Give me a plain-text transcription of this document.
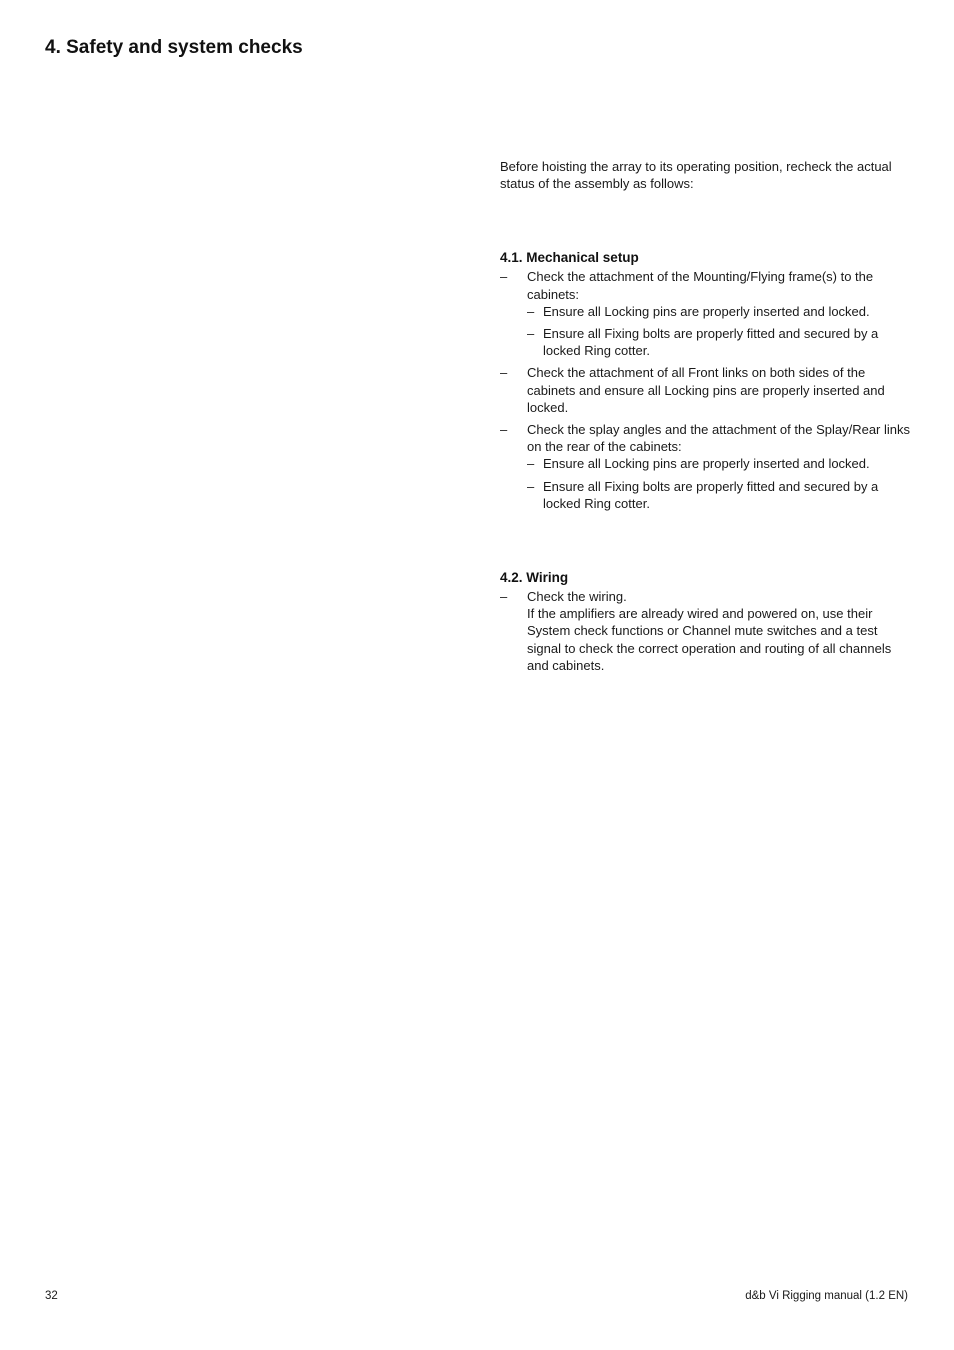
4. Safety and system checks

Before hoisting the array to its operating position, recheck the actual status of the assembly as follows:

4.1. Mechanical setup
– Check the attachment of the Mounting/Flying frame(s) to the cabinets:
– Ensure all Locking pins are properly inserted and locked.
– Ensure all Fixing bolts are properly fitted and secured by a locked Ring cotter.
– Check the attachment of all Front links on both sides of the cabinets and ensure all Locking pins are properly inserted and locked.
– Check the splay angles and the attachment of the Splay/Rear links on the rear of the cabinets:
– Ensure all Locking pins are properly inserted and locked.
– Ensure all Fixing bolts are properly fitted and secured by a locked Ring cotter.
4.2. Wiring
– Check the wiring.
If the amplifiers are already wired and powered on, use their System check functions or Channel mute switches and a test signal to check the correct operation and routing of all channels and cabinets.
32	d&b Vi Rigging manual (1.2 EN)
